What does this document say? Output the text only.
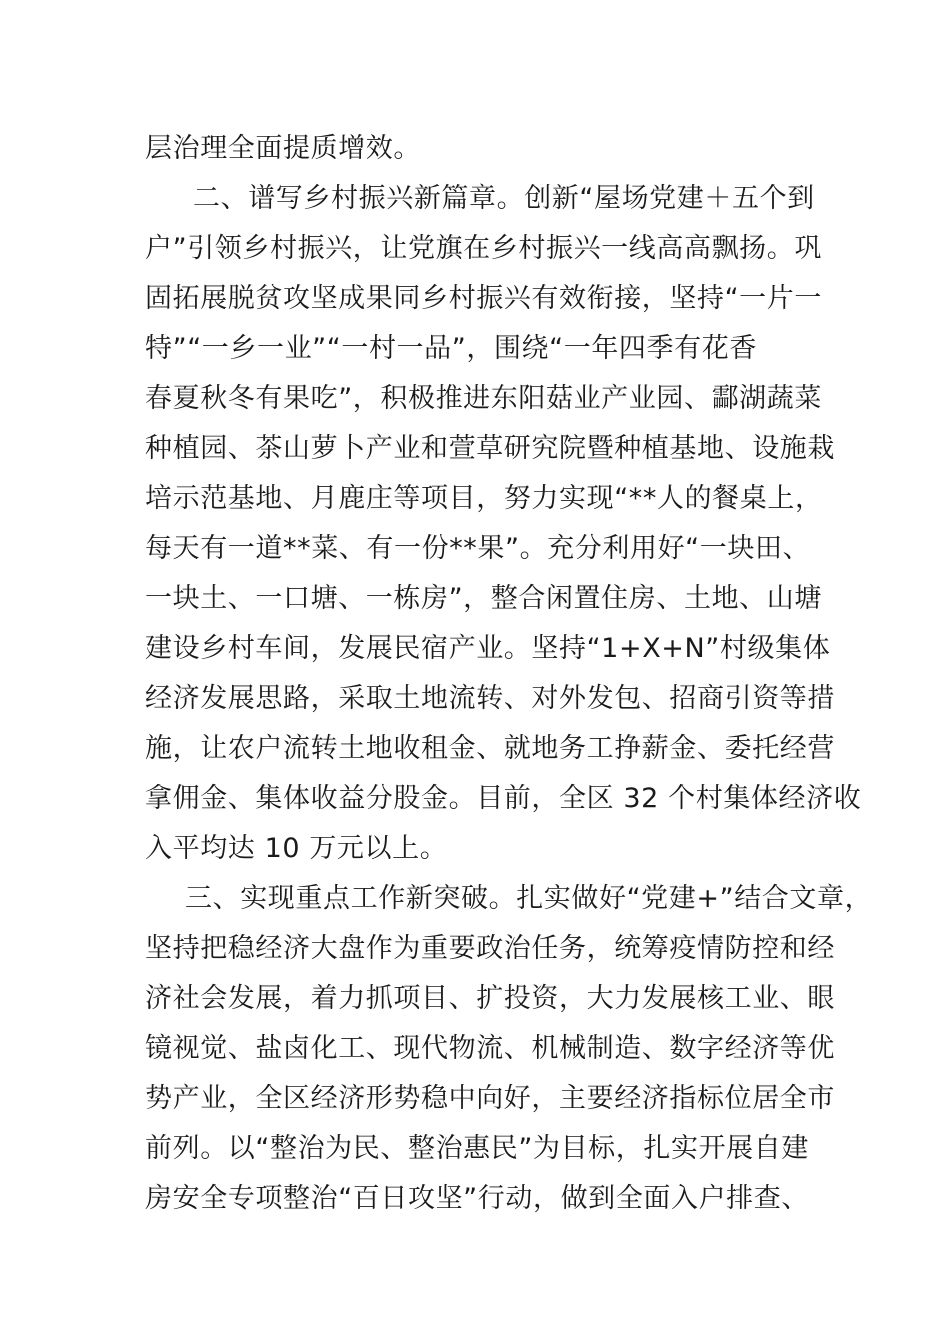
层治理全面提质增效。
二、谱写乡村振兴新篇章。创新“屋场党建＋五个到
户”引领乡村振兴，让党旗在乡村振兴一线高高飘扬。巩
固拓展脱贫攻坚成果同乡村振兴有效衔接，坚持“一片一
特”“一乡一业”“一村一品”，围绕“一年四季有花香
春夏秋冬有果吃”，积极推进东阳菇业产业园、酃湖蔬菜
种植园、茶山萝卜产业和萱草研究院暨种植基地、设施栽
培示范基地、月鹿庄等项目，努力实现“**人的餐桌上，
每天有一道**菜、有一份**果”。充分利用好“一块田、
一块土、一口塘、一栋房”，整合闲置住房、土地、山塘
建设乡村车间，发展民宿产业。坚持“1+X+N”村级集体
经济发展思路，采取土地流转、对外发包、招商引资等措
施，让农户流转土地收租金、就地务工挣薪金、委托经营
拿佣金、集体收益分股金。目前，全区 32 个村集体经济收
入平均达 10 万元以上。
三、实现重点工作新突破。扎实做好“党建+”结合文章，
坚持把稳经济大盘作为重要政治任务，统筹疫情防控和经
济社会发展，着力抓项目、扩投资，大力发展核工业、眼
镜视觉、盐卤化工、现代物流、机械制造、数字经济等优
势产业，全区经济形势稳中向好，主要经济指标位居全市
前列。以“整治为民、整治惠民”为目标，扎实开展自建
房安全专项整治“百日攻坚”行动，做到全面入户排查、
